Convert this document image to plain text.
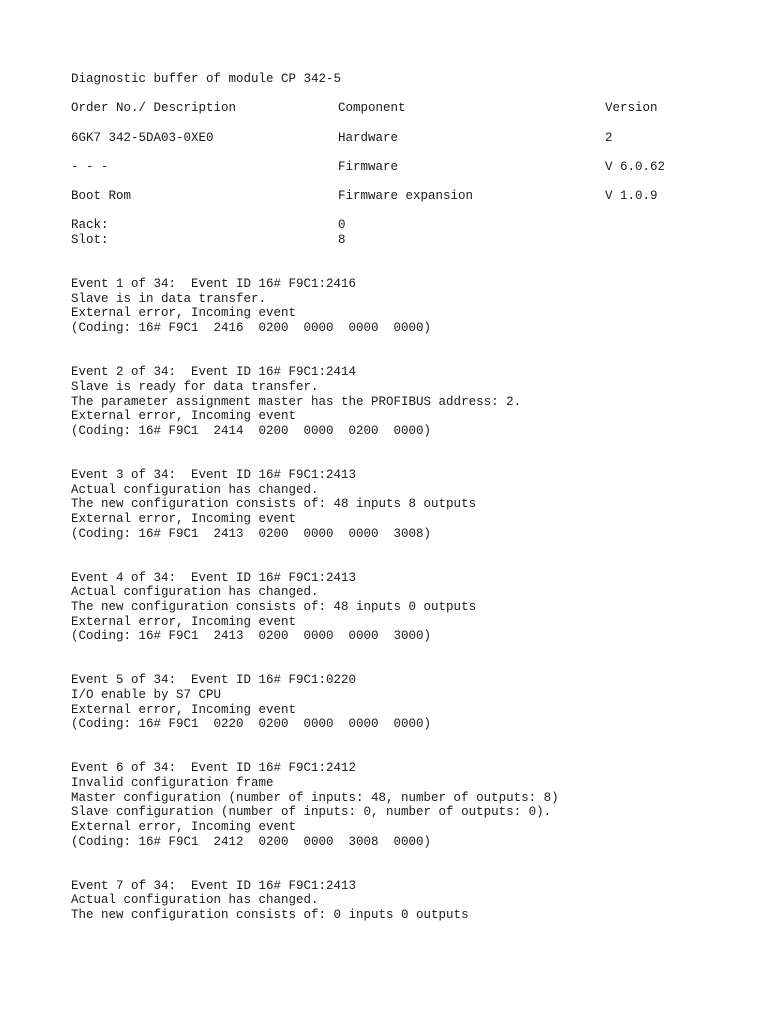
Diagnostic buffer of module CP 342-5
Order No./ Description	Component	Version
6GK7 342-5DA03-0XE0	Hardware	2
- - -	Firmware	V 6.0.62
Boot Rom	Firmware expansion	V 1.0.9
Rack:	0
Slot:	8
Event 1 of 34:  Event ID 16# F9C1:2416
Slave is in data transfer.
External error, Incoming event
(Coding: 16# F9C1  2416  0200  0000  0000  0000)
Event 2 of 34:  Event ID 16# F9C1:2414
Slave is ready for data transfer.
The parameter assignment master has the PROFIBUS address: 2.
External error, Incoming event
(Coding: 16# F9C1  2414  0200  0000  0200  0000)
Event 3 of 34:  Event ID 16# F9C1:2413
Actual configuration has changed.
The new configuration consists of: 48 inputs 8 outputs
External error, Incoming event
(Coding: 16# F9C1  2413  0200  0000  0000  3008)
Event 4 of 34:  Event ID 16# F9C1:2413
Actual configuration has changed.
The new configuration consists of: 48 inputs 0 outputs
External error, Incoming event
(Coding: 16# F9C1  2413  0200  0000  0000  3000)
Event 5 of 34:  Event ID 16# F9C1:0220
I/O enable by S7 CPU
External error, Incoming event
(Coding: 16# F9C1  0220  0200  0000  0000  0000)
Event 6 of 34:  Event ID 16# F9C1:2412
Invalid configuration frame
Master configuration (number of inputs: 48, number of outputs: 8)
Slave configuration (number of inputs: 0, number of outputs: 0).
External error, Incoming event
(Coding: 16# F9C1  2412  0200  0000  3008  0000)
Event 7 of 34:  Event ID 16# F9C1:2413
Actual configuration has changed.
The new configuration consists of: 0 inputs 0 outputs
